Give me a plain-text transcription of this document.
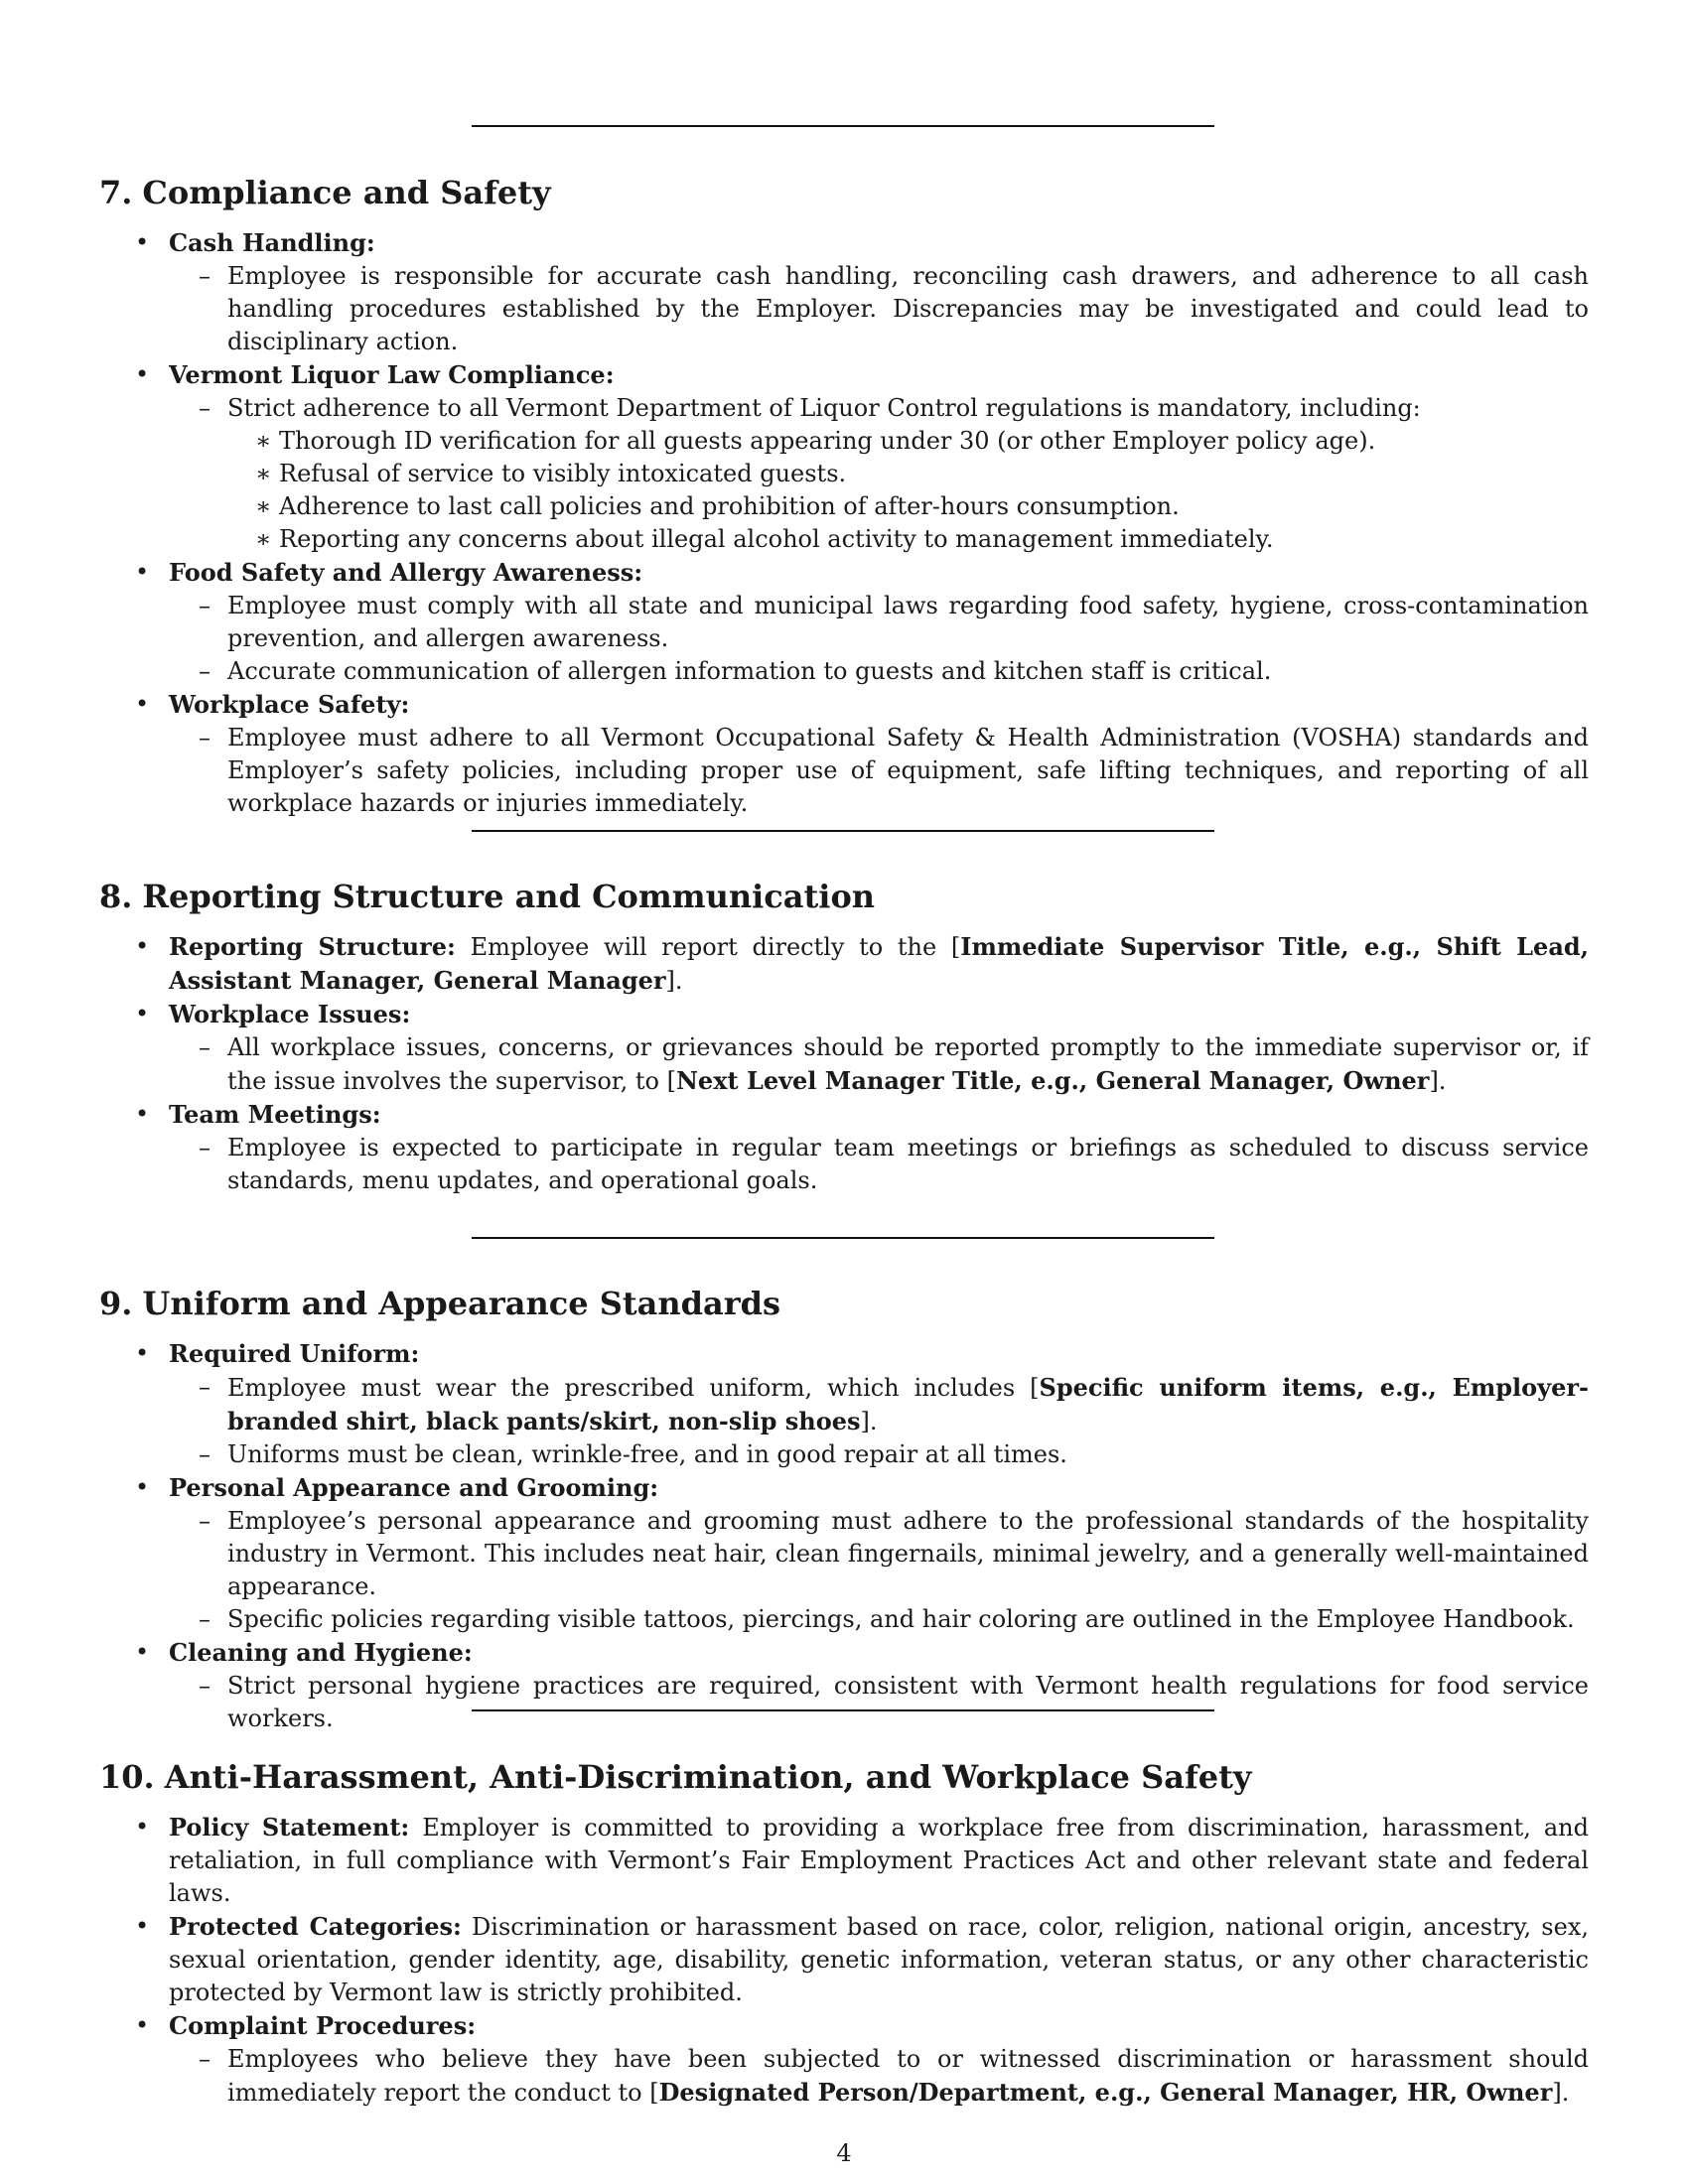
7. Compliance and Safety
• Cash Handling:
– Employee is responsible for accurate cash handling, reconciling cash drawers, and adherence to all cash handling procedures established by the Employer. Discrepancies may be investigated and could lead to disciplinary action.
• Vermont Liquor Law Compliance:
– Strict adherence to all Vermont Department of Liquor Control regulations is mandatory, including:
∗ Thorough ID verification for all guests appearing under 30 (or other Employer policy age).
∗ Refusal of service to visibly intoxicated guests.
∗ Adherence to last call policies and prohibition of after-hours consumption.
∗ Reporting any concerns about illegal alcohol activity to management immediately.
• Food Safety and Allergy Awareness:
– Employee must comply with all state and municipal laws regarding food safety, hygiene, cross-contamination prevention, and allergen awareness.
– Accurate communication of allergen information to guests and kitchen staff is critical.
• Workplace Safety:
– Employee must adhere to all Vermont Occupational Safety & Health Administration (VOSHA) standards and Employer’s safety policies, including proper use of equipment, safe lifting techniques, and reporting of all workplace hazards or injuries immediately.
8. Reporting Structure and Communication
• Reporting Structure: Employee will report directly to the [Immediate Supervisor Title, e.g., Shift Lead, Assistant Manager, General Manager].
• Workplace Issues:
– All workplace issues, concerns, or grievances should be reported promptly to the immediate supervisor or, if the issue involves the supervisor, to [Next Level Manager Title, e.g., General Manager, Owner].
• Team Meetings:
– Employee is expected to participate in regular team meetings or briefings as scheduled to discuss service standards, menu updates, and operational goals.
9. Uniform and Appearance Standards
• Required Uniform:
– Employee must wear the prescribed uniform, which includes [Specific uniform items, e.g., Employer-branded shirt, black pants/skirt, non-slip shoes].
– Uniforms must be clean, wrinkle-free, and in good repair at all times.
• Personal Appearance and Grooming:
– Employee’s personal appearance and grooming must adhere to the professional standards of the hospitality industry in Vermont. This includes neat hair, clean fingernails, minimal jewelry, and a generally well-maintained appearance.
– Specific policies regarding visible tattoos, piercings, and hair coloring are outlined in the Employee Handbook.
• Cleaning and Hygiene:
– Strict personal hygiene practices are required, consistent with Vermont health regulations for food service workers.
10. Anti-Harassment, Anti-Discrimination, and Workplace Safety
• Policy Statement: Employer is committed to providing a workplace free from discrimination, harassment, and retaliation, in full compliance with Vermont’s Fair Employment Practices Act and other relevant state and federal laws.
• Protected Categories: Discrimination or harassment based on race, color, religion, national origin, ancestry, sex, sexual orientation, gender identity, age, disability, genetic information, veteran status, or any other characteristic protected by Vermont law is strictly prohibited.
• Complaint Procedures:
– Employees who believe they have been subjected to or witnessed discrimination or harassment should immediately report the conduct to [Designated Person/Department, e.g., General Manager, HR, Owner].
4
